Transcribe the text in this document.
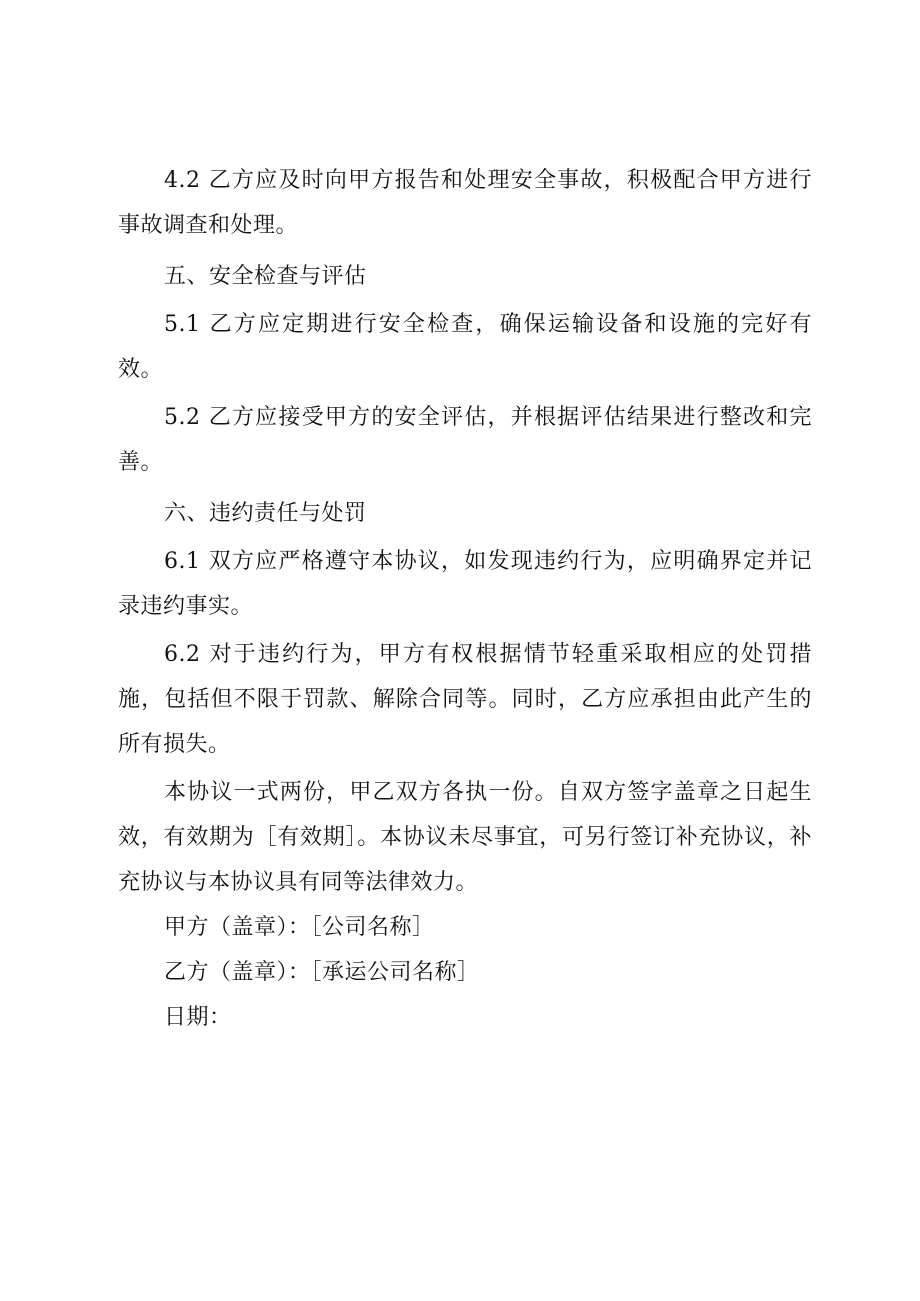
4.2 乙方应及时向甲方报告和处理安全事故，积极配合甲方进行事故调查和处理。

五、安全检查与评估

5.1 乙方应定期进行安全检查，确保运输设备和设施的完好有效。

5.2 乙方应接受甲方的安全评估，并根据评估结果进行整改和完善。

六、违约责任与处罚

6.1 双方应严格遵守本协议，如发现违约行为，应明确界定并记录违约事实。

6.2 对于违约行为，甲方有权根据情节轻重采取相应的处罚措施，包括但不限于罚款、解除合同等。同时，乙方应承担由此产生的所有损失。

本协议一式两份，甲乙双方各执一份。自双方签字盖章之日起生效，有效期为［有效期］。本协议未尽事宜，可另行签订补充协议，补充协议与本协议具有同等法律效力。

甲方（盖章）：［公司名称］

乙方（盖章）：［承运公司名称］

日期：
